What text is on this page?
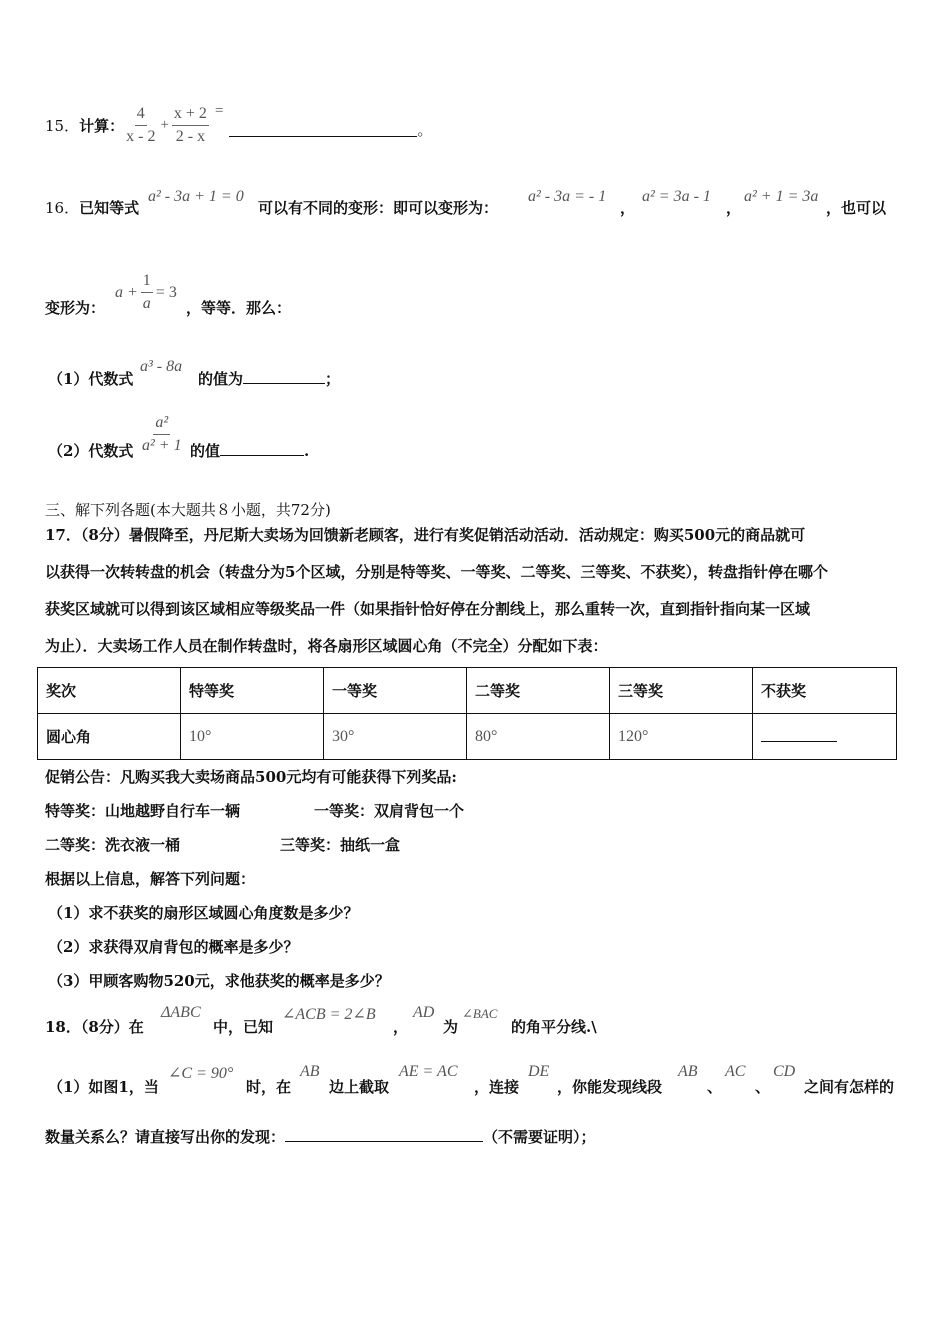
15． 计算： $\frac{4}{x - 2} + \frac{x + 2}{2 - x}$ =
。
16．已知等式
a² - 3a + 1 = 0
可以有不同的变形：即可以变形为：
a² - 3a = - 1
，
a² = 3a - 1
，
a² + 1 = 3a
，也可以
变形为：
$a + \frac{1}{a} = 3$
，等等．那么：
（1）代数式
a³ - 8a
的值为	；
（2）代数式 $\frac{\text{a²}}{\text{a² + 1}}$ 的值	.
三、解下列各题(本大题共８小题，共72分)
17．（8分）暑假降至，丹尼斯大卖场为回馈新老顾客，进行有奖促销活动活动．活动规定：购买500元的商品就可
以获得一次转转盘的机会（转盘分为5个区域，分别是特等奖、一等奖、二等奖、三等奖、不获奖），转盘指针停在哪个
获奖区域就可以得到该区域相应等级奖品一件（如果指针恰好停在分割线上，那么重转一次，直到指针指向某一区域
为止）．大卖场工作人员在制作转盘时，将各扇形区域圆心角（不完全）分配如下表：
奖次	特等奖	一等奖	二等奖	三等奖	不获奖
圆心角	10°	30°	80°	120°	
促销公告：凡购买我大卖场商品500元均有可能获得下列奖品:
特等奖：山地越野自行车一辆	一等奖：双肩背包一个
二等奖：洗衣液一桶	三等奖：抽纸一盒
根据以上信息，解答下列问题：
（1）求不获奖的扇形区域圆心角度数是多少？
（2）求获得双肩背包的概率是多少？
（3）甲顾客购物520元，求他获奖的概率是多少？
18．（8分）在
ΔABC
中，已知
∠ACB = 2∠B
，
AD
为
∠BAC
的角平分线.\
（1）如图1，当
∠C = 90°
时，在
AB
边上截取
AE = AC
，连接
DE
，你能发现线段
AB
、
AC
、
CD
之间有怎样的
数量关系么？请直接写出你的发现：	（不需要证明）；
